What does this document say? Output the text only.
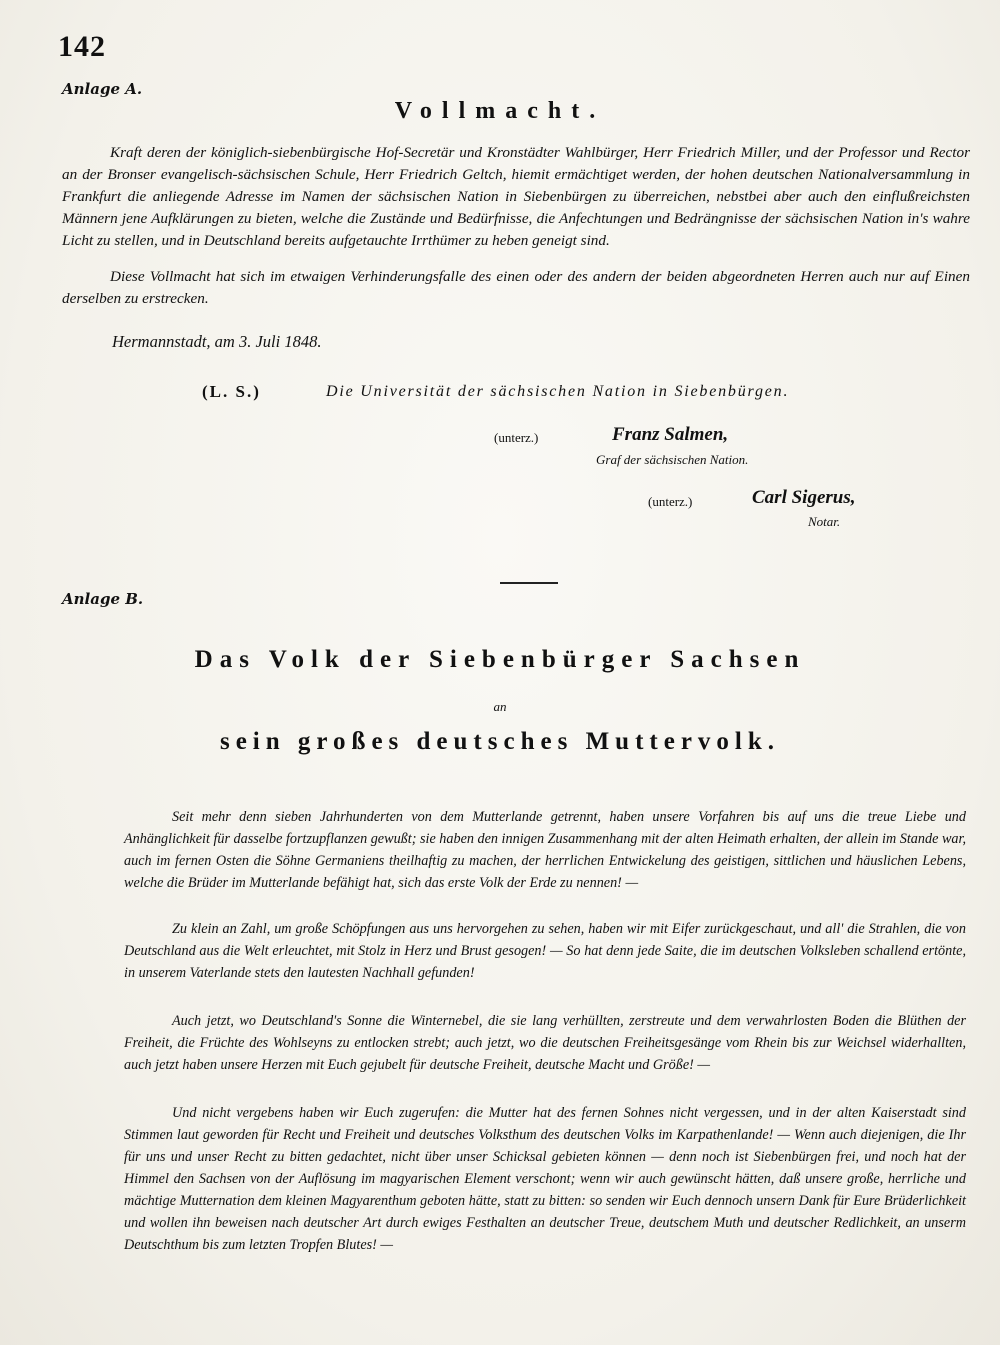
142
Anlage A.
Vollmacht.
Kraft deren der königlich-siebenbürgische Hof-Secretär und Kronstädter Wahlbürger, Herr Friedrich Miller, und der Professor und Rector an der Bronser evangelisch-sächsischen Schule, Herr Friedrich Geltch, hiemit ermächtiget werden, der hohen deutschen Nationalversammlung in Frankfurt die anliegende Adresse im Namen der sächsischen Nation in Siebenbürgen zu überreichen, nebstbei aber auch den einflußreichsten Männern jene Aufklärungen zu bieten, welche die Zustände und Bedürfnisse, die Anfechtungen und Bedrängnisse der sächsischen Nation in's wahre Licht zu stellen, und in Deutschland bereits aufgetauchte Irrthümer zu heben geneigt sind.
Diese Vollmacht hat sich im etwaigen Verhinderungsfalle des einen oder des andern der beiden abgeordneten Herren auch nur auf Einen derselben zu erstrecken.
Hermannstadt, am 3. Juli 1848.
(L. S.)	Die Universität der sächsischen Nation in Siebenbürgen.
(unterz.)	Franz Salmen,
Graf der sächsischen Nation.
(unterz.)	Carl Sigerus,
Notar.
Anlage B.
Das Volk der Siebenbürger Sachsen
an
sein großes deutsches Muttervolk.
Seit mehr denn sieben Jahrhunderten von dem Mutterlande getrennt, haben unsere Vorfahren bis auf uns die treue Liebe und Anhänglichkeit für dasselbe fortzupflanzen gewußt; sie haben den innigen Zusammenhang mit der alten Heimath erhalten, der allein im Stande war, auch im fernen Osten die Söhne Germaniens theilhaftig zu machen, der herrlichen Entwickelung des geistigen, sittlichen und häuslichen Lebens, welche die Brüder im Mutterlande befähigt hat, sich das erste Volk der Erde zu nennen! —
Zu klein an Zahl, um große Schöpfungen aus uns hervorgehen zu sehen, haben wir mit Eifer zurückgeschaut, und all' die Strahlen, die von Deutschland aus die Welt erleuchtet, mit Stolz in Herz und Brust gesogen! — So hat denn jede Saite, die im deutschen Volksleben schallend ertönte, in unserem Vaterlande stets den lautesten Nachhall gefunden!
Auch jetzt, wo Deutschland's Sonne die Winternebel, die sie lang verhüllten, zerstreute und dem verwahrlosten Boden die Blüthen der Freiheit, die Früchte des Wohlseyns zu entlocken strebt; auch jetzt, wo die deutschen Freiheitsgesänge vom Rhein bis zur Weichsel widerhallten, auch jetzt haben unsere Herzen mit Euch gejubelt für deutsche Freiheit, deutsche Macht und Größe! —
Und nicht vergebens haben wir Euch zugerufen: die Mutter hat des fernen Sohnes nicht vergessen, und in der alten Kaiserstadt sind Stimmen laut geworden für Recht und Freiheit und deutsches Volksthum des deutschen Volks im Karpathenlande! — Wenn auch diejenigen, die Ihr für uns und unser Recht zu bitten gedachtet, nicht über unser Schicksal gebieten können — denn noch ist Siebenbürgen frei, und noch hat der Himmel den Sachsen von der Auflösung im magyarischen Element verschont; wenn wir auch gewünscht hätten, daß unsere große, herrliche und mächtige Mutternation dem kleinen Magyarenthum geboten hätte, statt zu bitten: so senden wir Euch dennoch unsern Dank für Eure Brüderlichkeit und wollen ihn beweisen nach deutscher Art durch ewiges Festhalten an deutscher Treue, deutschem Muth und deutscher Redlichkeit, an unserm Deutschthum bis zum letzten Tropfen Blutes! —
